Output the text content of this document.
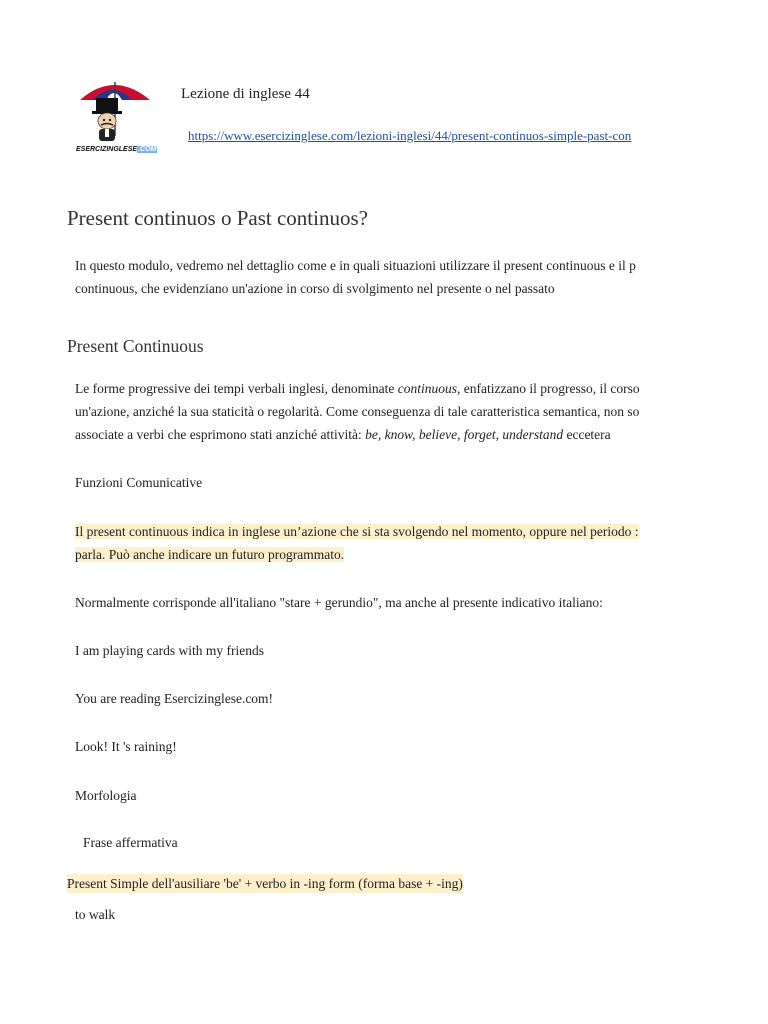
ESERCIZINGLESE.COM
Lezione di inglese 44
https://www.esercizinglese.com/lezioni-inglesi/44/present-continuos-simple-past-con
Present continuos o Past continuos?
In questo modulo, vedremo nel dettaglio come e in quali situazioni utilizzare il present continuous e il p
continuous, che evidenziano un'azione in corso di svolgimento nel presente o nel passato
Present Continuous
Le forme progressive dei tempi verbali inglesi, denominate continuous, enfatizzano il progresso, il corso
un'azione, anziché la sua staticità o regolarità. Come conseguenza di tale caratteristica semantica, non so
associate a verbi che esprimono stati anziché attività: be, know, believe, forget, understand eccetera
Funzioni Comunicative
Il present continuous indica in inglese un’azione che si sta svolgendo nel momento, oppure nel periodo :
parla. Può anche indicare un futuro programmato.
Normalmente corrisponde all'italiano "stare + gerundio", ma anche al presente indicativo italiano:
I am playing cards with my friends
You are reading Esercizinglese.com!
Look! It 's raining!
Morfologia
Frase affermativa
Present Simple dell'ausiliare 'be' + verbo in -ing form (forma base + -ing)
to walk
